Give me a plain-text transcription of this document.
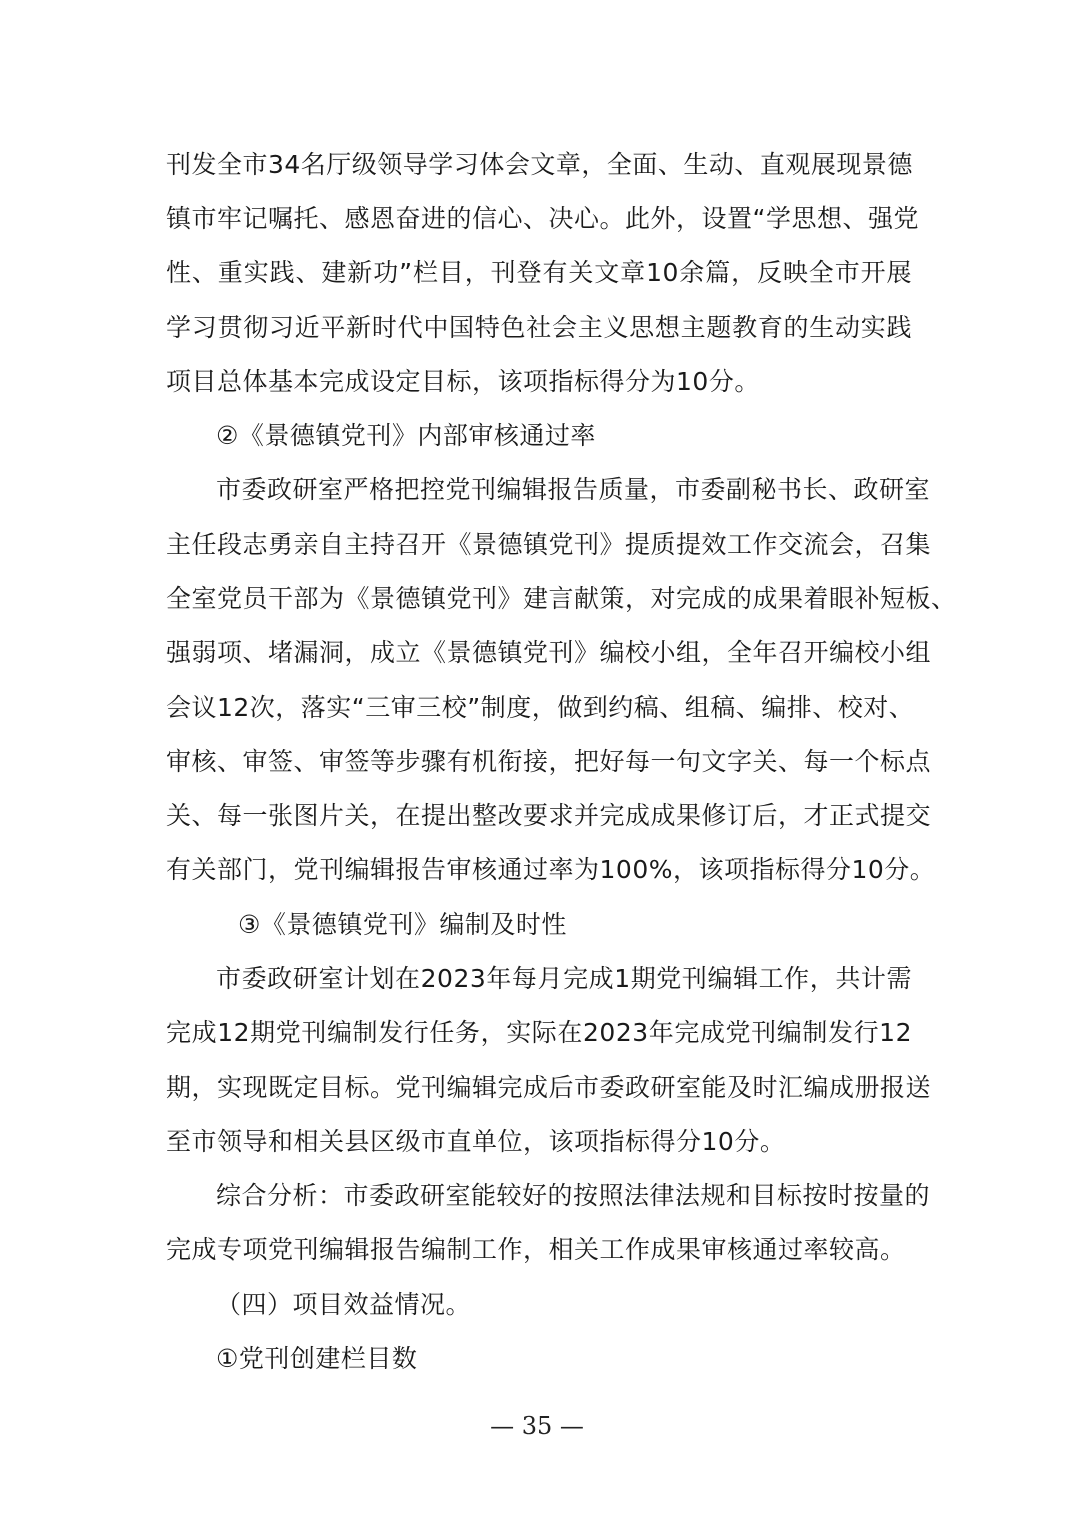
刊发全市34名厅级领导学习体会文章，全面、生动、直观展现景德
镇市牢记嘱托、感恩奋进的信心、决心。此外，设置“学思想、强党
性、重实践、建新功”栏目，刊登有关文章10余篇，反映全市开展
学习贯彻习近平新时代中国特色社会主义思想主题教育的生动实践
项目总体基本完成设定目标，该项指标得分为10分。
②《景德镇党刊》内部审核通过率
市委政研室严格把控党刊编辑报告质量，市委副秘书长、政研室
主任段志勇亲自主持召开《景德镇党刊》提质提效工作交流会，召集
全室党员干部为《景德镇党刊》建言献策，对完成的成果着眼补短板、
强弱项、堵漏洞，成立《景德镇党刊》编校小组，全年召开编校小组
会议12次，落实“三审三校”制度，做到约稿、组稿、编排、校对、
审核、审签、审签等步骤有机衔接，把好每一句文字关、每一个标点
关、每一张图片关，在提出整改要求并完成成果修订后，才正式提交
有关部门，党刊编辑报告审核通过率为100%，该项指标得分10分。
③《景德镇党刊》编制及时性
市委政研室计划在2023年每月完成1期党刊编辑工作，共计需
完成12期党刊编制发行任务，实际在2023年完成党刊编制发行12
期，实现既定目标。党刊编辑完成后市委政研室能及时汇编成册报送
至市领导和相关县区级市直单位，该项指标得分10分。
综合分析：市委政研室能较好的按照法律法规和目标按时按量的
完成专项党刊编辑报告编制工作，相关工作成果审核通过率较高。
（四）项目效益情况。
①党刊创建栏目数
— 35 —
